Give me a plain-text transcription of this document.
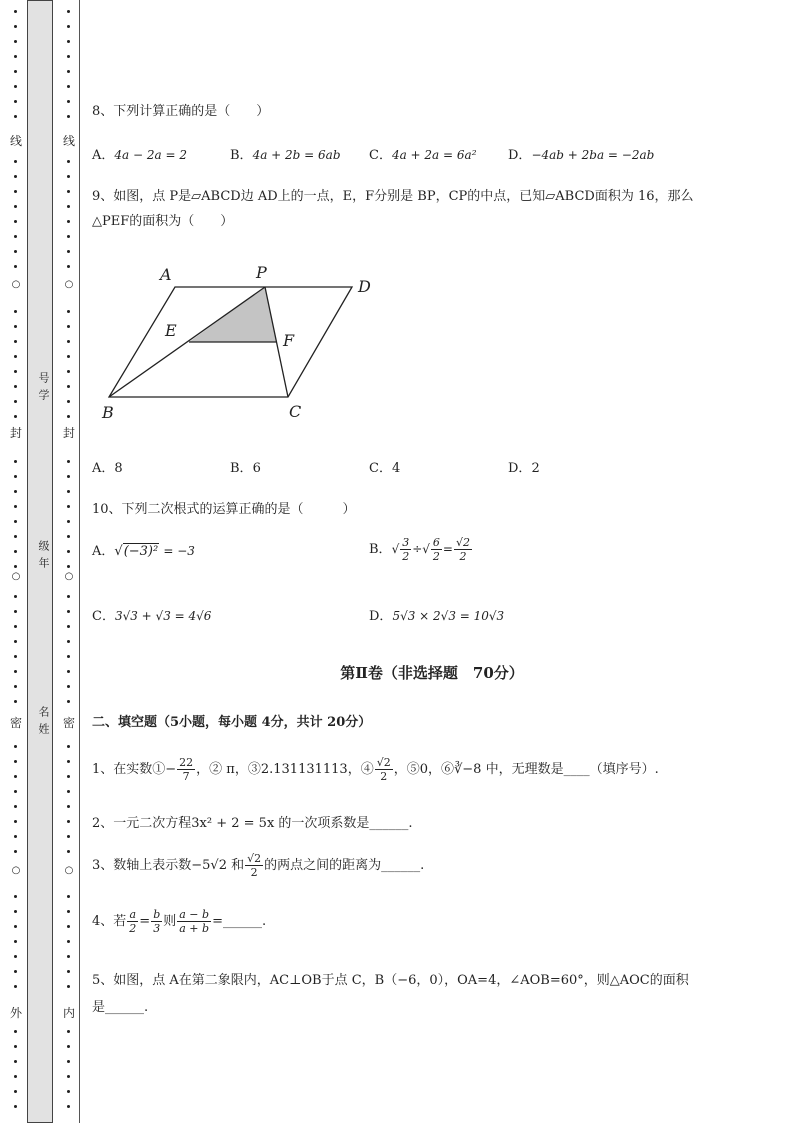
线
封
密
外
○
○
○
线
封
密
内
○
○
○
号学
级年
名姓
8、下列计算正确的是（　　）
A．4a − 2a = 2	B．4a + 2b = 6ab C．4a + 2a = 6a² D．−4ab + 2ba = −2ab
9、如图，点 P是▱ABCD边 AD上的一点，E，F分别是 BP，CP的中点，已知▱ABCD面积为 16，那么
△PEF的面积为（　　）
A．8	B．6	C．4	D．2
10、下列二次根式的运算正确的是（　　　）
A．√(−3)² = −3	B．√ $\frac{3}{2}$ ÷√ $\frac{6}{2} = \frac{√2}{2}$
C．3√3 + √3 = 4√6	D．5√3 × 2√3 = 10√3
第Ⅱ卷（非选择题　70分）
二、填空题（5小题，每小题 4分，共计 20分）
1、在实数①− $\frac{22}{7}$ ，② π，③2.131131113，④ $\frac{√2}{2}$ ，⑤0，⑥∛−8 中，无理数是____（填序号）.
2、一元二次方程3x² + 2 = 5x 的一次项系数是______.
3、数轴上表示数−5√2 和 $\frac{√2}{2}$ 的两点之间的距离为______.
4、若 $\frac{a}{2} = \frac{b}{3}$ 则 $\frac{a - b}{a + b}$ =______.
5、如图，点 A在第二象限内，AC⊥OB于点 C，B（−6，0），OA=4，∠AOB=60°，则△AOC的面积
是______.
A	P
D
E
F
B	C
